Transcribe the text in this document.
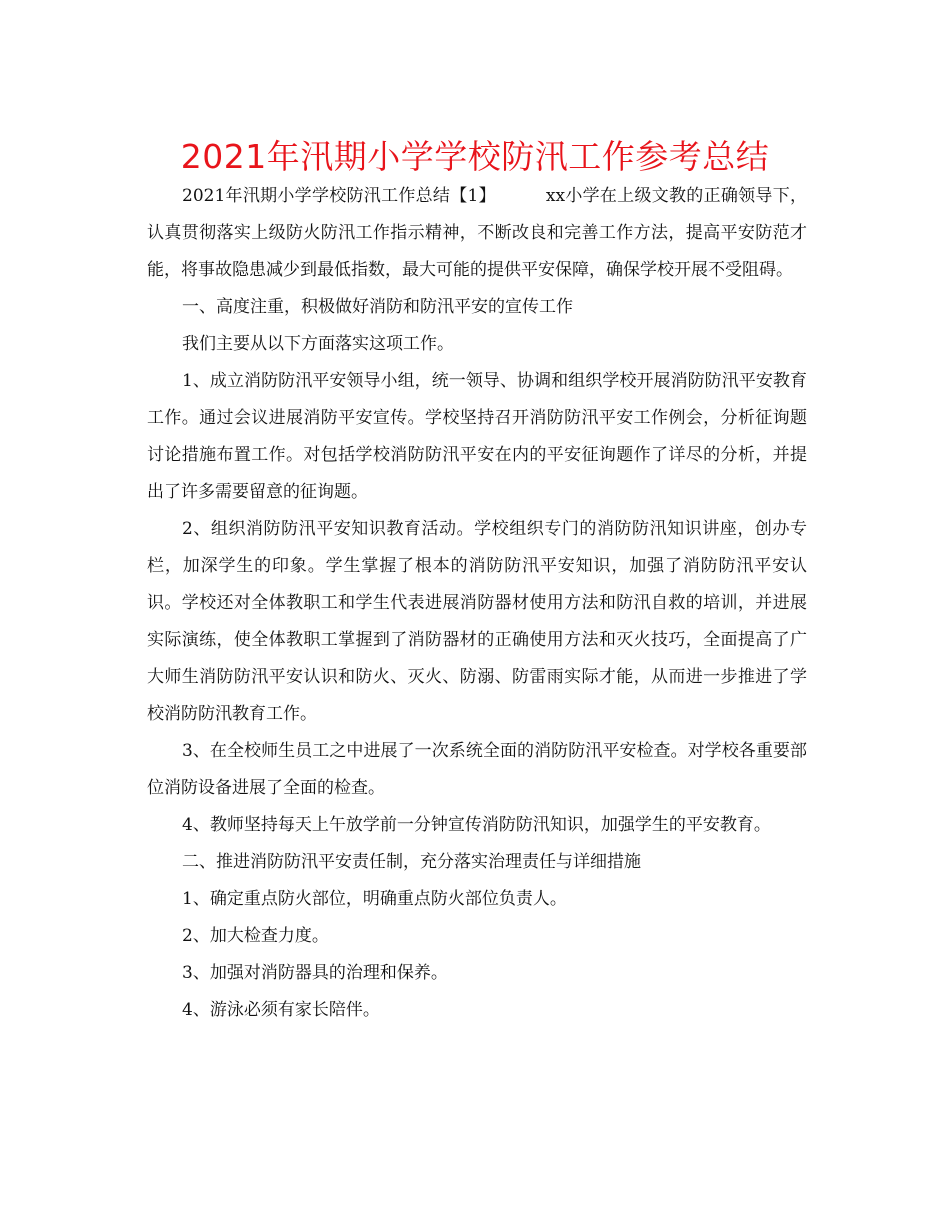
2021年汛期小学学校防汛工作参考总结

2021年汛期小学学校防汛工作总结【1】	xx小学在上级文教的正确领导下，认真贯彻落实上级防火防汛工作指示精神，不断改良和完善工作方法，提高平安防范才能，将事故隐患减少到最低指数，最大可能的提供平安保障，确保学校开展不受阻碍。

一、高度注重，积极做好消防和防汛平安的宣传工作

我们主要从以下方面落实这项工作。

1、成立消防防汛平安领导小组，统一领导、协调和组织学校开展消防防汛平安教育工作。通过会议进展消防平安宣传。学校坚持召开消防防汛平安工作例会，分析征询题讨论措施布置工作。对包括学校消防防汛平安在内的平安征询题作了详尽的分析，并提出了许多需要留意的征询题。

2、组织消防防汛平安知识教育活动。学校组织专门的消防防汛知识讲座，创办专栏，加深学生的印象。学生掌握了根本的消防防汛平安知识，加强了消防防汛平安认识。学校还对全体教职工和学生代表进展消防器材使用方法和防汛自救的培训，并进展实际演练，使全体教职工掌握到了消防器材的正确使用方法和灭火技巧，全面提高了广大师生消防防汛平安认识和防火、灭火、防溺、防雷雨实际才能，从而进一步推进了学校消防防汛教育工作。

3、在全校师生员工之中进展了一次系统全面的消防防汛平安检查。对学校各重要部位消防设备进展了全面的检查。

4、教师坚持每天上午放学前一分钟宣传消防防汛知识，加强学生的平安教育。

二、推进消防防汛平安责任制，充分落实治理责任与详细措施

1、确定重点防火部位，明确重点防火部位负责人。

2、加大检查力度。

3、加强对消防器具的治理和保养。

4、游泳必须有家长陪伴。
